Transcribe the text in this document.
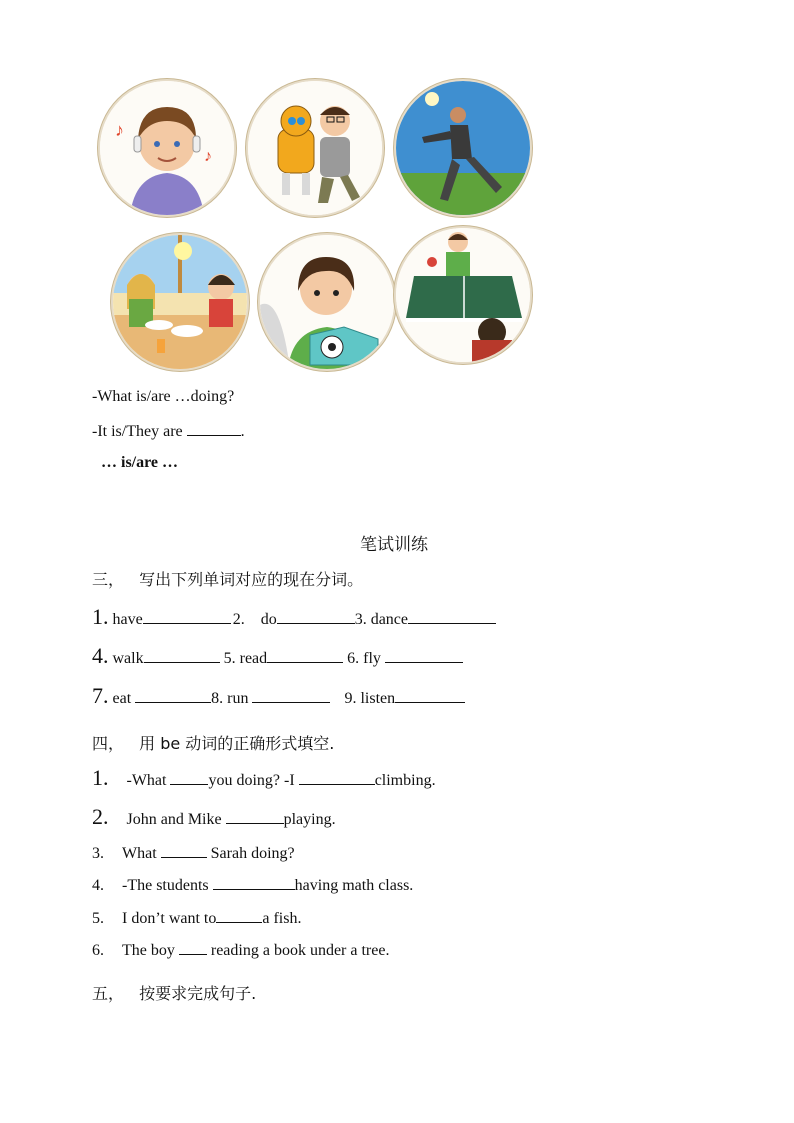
♪
♪
-What is/are …doing?
-It is/They are	.
… is/are …
笔试训练
三， 写出下列单词对应的现在分词。
1. have	2. do	3. dance
4. walk	5. read	6. fly
7. eat	8. run	9. listen
四， 用 be 动词的正确形式填空.
1. -What	you doing? -I	climbing.
2. John and Mike	playing.
3. What	Sarah doing?
4. -The students	having math class.
5. I don’t want to	a fish.
6. The boy reading a book under a tree.
五， 按要求完成句子.
